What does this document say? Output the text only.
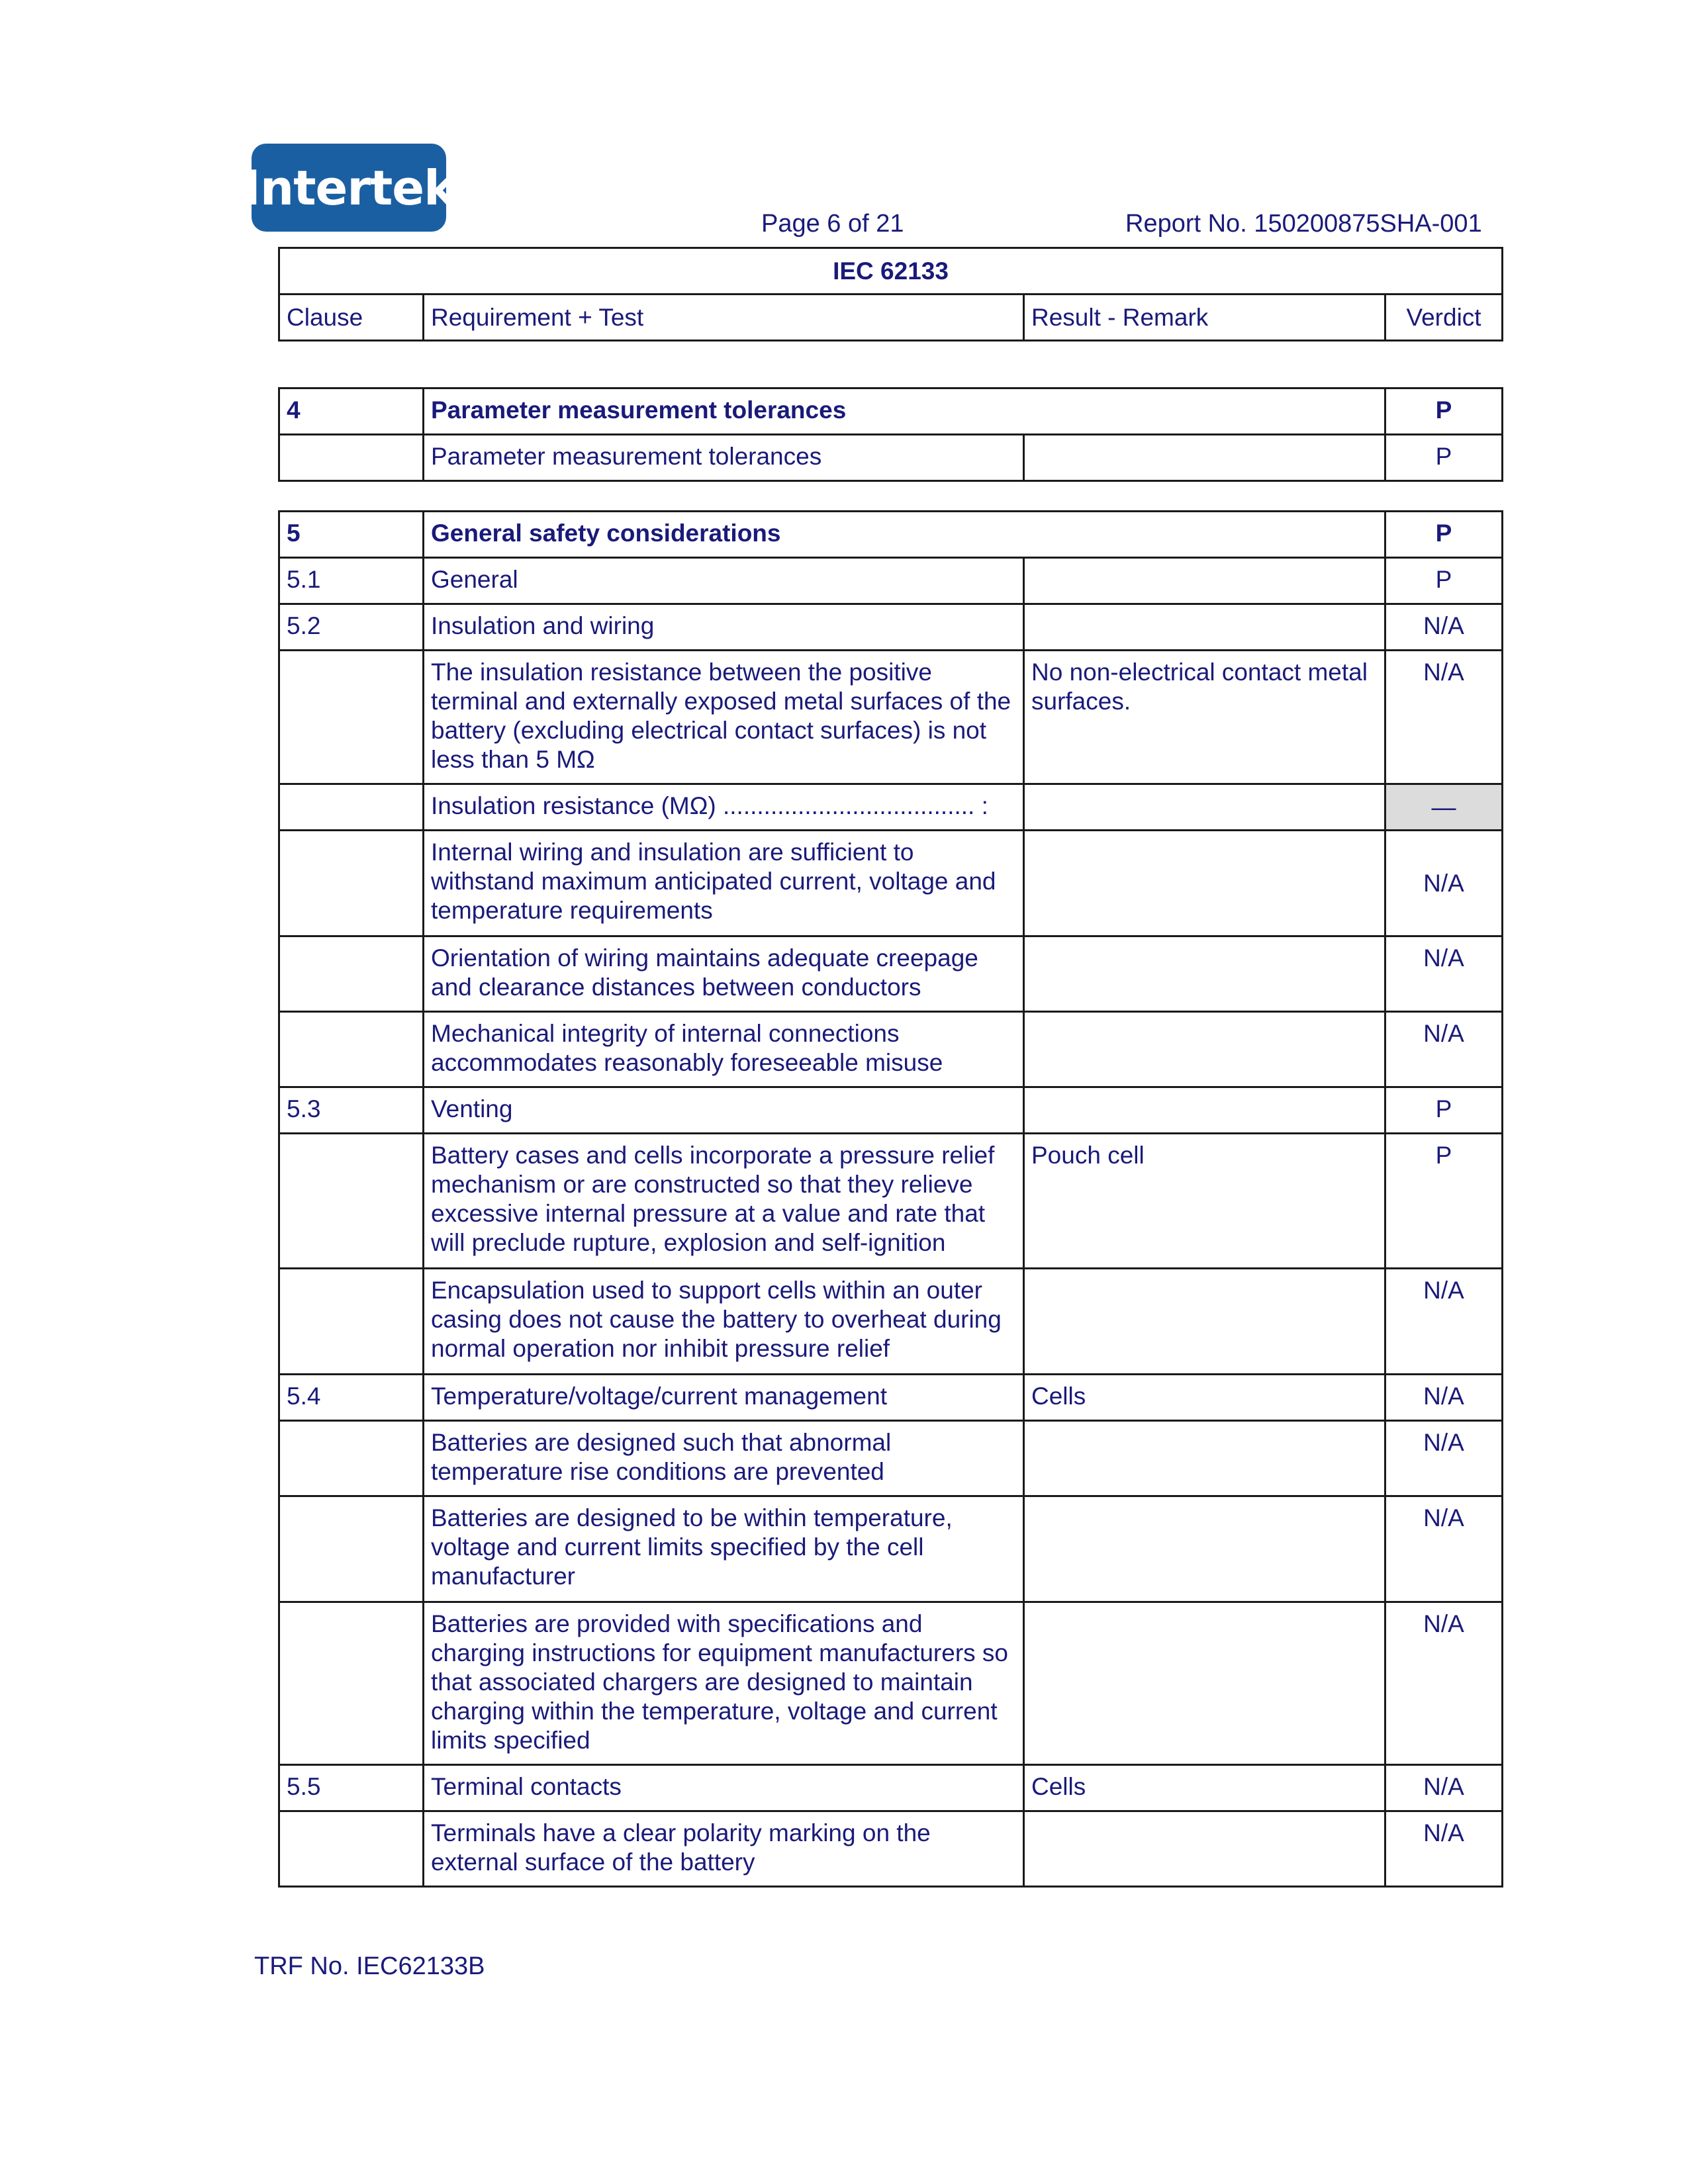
Intertek
Page 6 of 21	Report No. 150200875SHA-001
IEC 62133
Clause	Requirement + Test	Result - Remark	Verdict
4	Parameter measurement tolerances		P
	Parameter measurement tolerances		P
5	General safety considerations		P
5.1	General		P
5.2	Insulation and wiring		N/A
	The insulation resistance between the positive terminal and externally exposed metal surfaces of the battery (excluding electrical contact surfaces) is not less than 5 MΩ	No non-electrical contact metal surfaces.	N/A
	Insulation resistance (MΩ) ..................................... :		—
	Internal wiring and insulation are sufficient to withstand maximum anticipated current, voltage and temperature requirements		N/A
	Orientation of wiring maintains adequate creepage and clearance distances between conductors		N/A
	Mechanical integrity of internal connections accommodates reasonably foreseeable misuse		N/A
5.3	Venting		P
	Battery cases and cells incorporate a pressure relief mechanism or are constructed so that they relieve excessive internal pressure at a value and rate that will preclude rupture, explosion and self-ignition	Pouch cell	P
	Encapsulation used to support cells within an outer casing does not cause the battery to overheat during normal operation nor inhibit pressure relief		N/A
5.4	Temperature/voltage/current management	Cells	N/A
	Batteries are designed such that abnormal temperature rise conditions are prevented		N/A
	Batteries are designed to be within temperature, voltage and current limits specified by the cell manufacturer		N/A
	Batteries are provided with specifications and charging instructions for equipment manufacturers so that associated chargers are designed to maintain charging within the temperature, voltage and current limits specified		N/A
5.5	Terminal contacts	Cells	N/A
	Terminals have a clear polarity marking on the external surface of the battery		N/A
TRF No. IEC62133B
